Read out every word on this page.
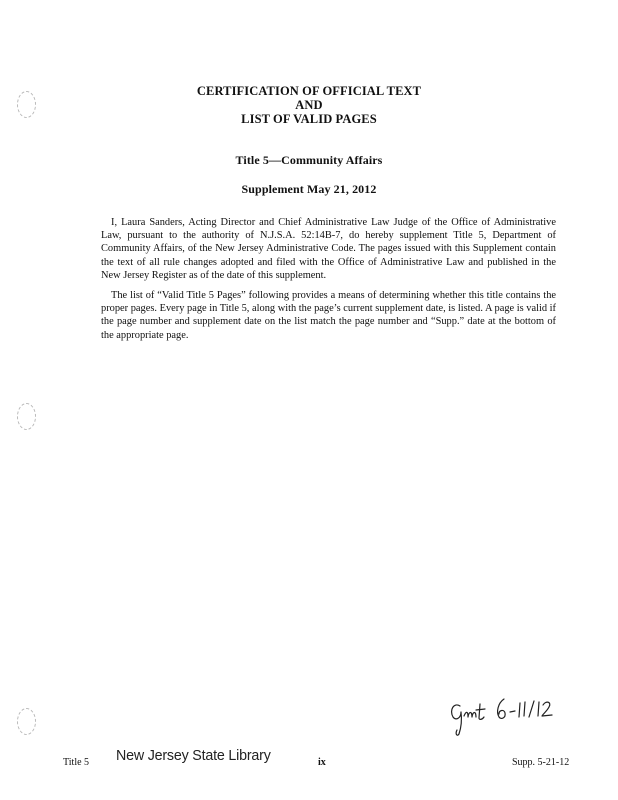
CERTIFICATION OF OFFICIAL TEXT
AND
LIST OF VALID PAGES
Title 5—Community Affairs
Supplement May 21, 2012
I, Laura Sanders, Acting Director and Chief Administrative Law Judge of the Office of Administrative Law, pursuant to the authority of N.J.S.A. 52:14B-7, do hereby supplement Title 5, Department of Community Affairs, of the New Jersey Administrative Code. The pages issued with this Supplement contain the text of all rule changes adopted and filed with the Office of Administrative Law and published in the New Jersey Register as of the date of this supplement.
The list of “Valid Title 5 Pages” following provides a means of determining whether this title contains the proper pages. Every page in Title 5, along with the page’s current supplement date, is listed. A page is valid if the page number and supplement date on the list match the page number and “Supp.” date at the bottom of the appropriate page.
Title 5 New Jersey State Library	ix	Supp. 5-21-12
